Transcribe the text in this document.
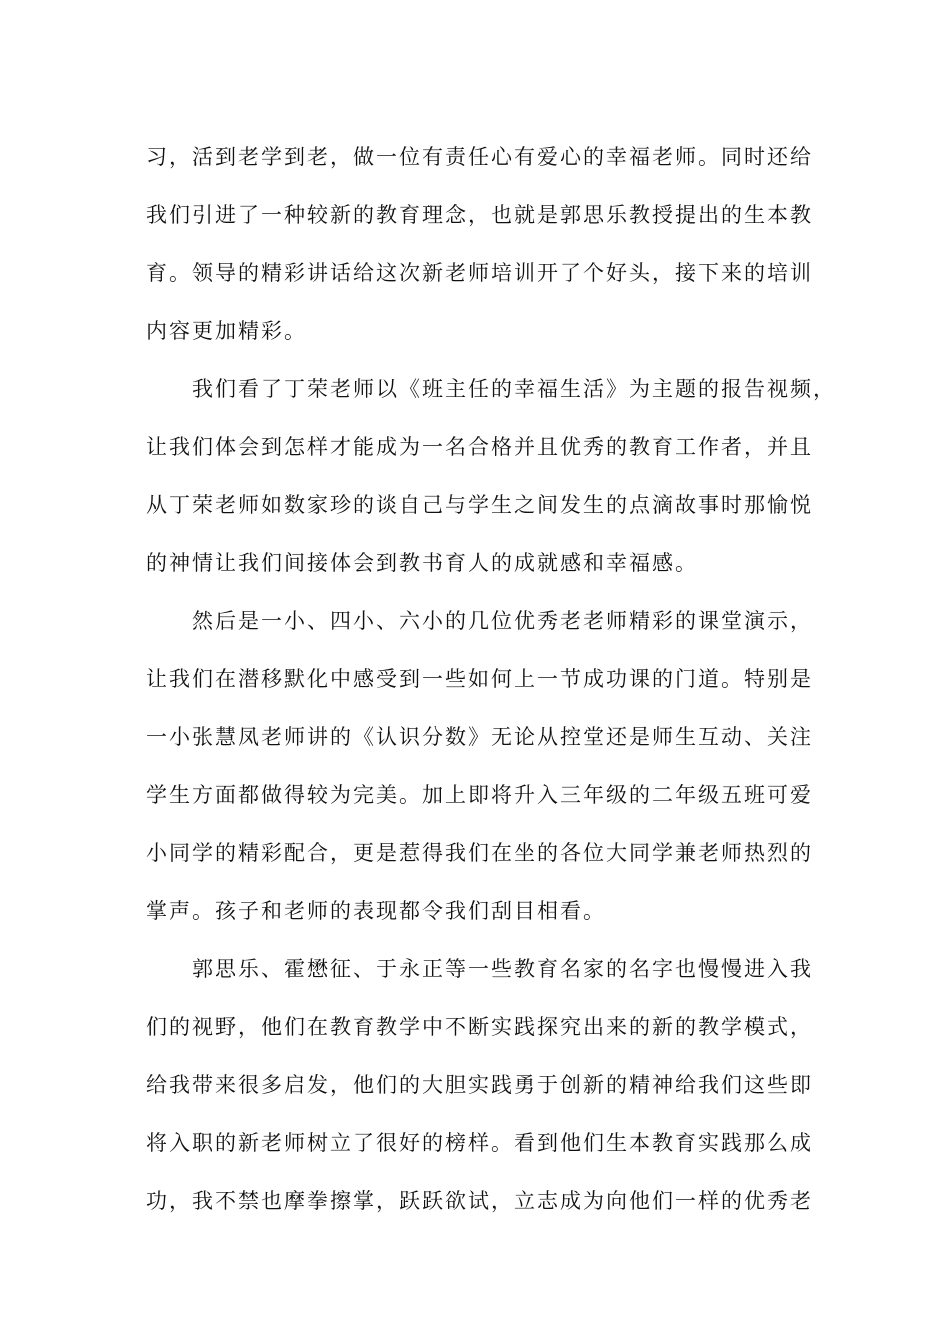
习，活到老学到老，做一位有责任心有爱心的幸福老师。同时还给
我们引进了一种较新的教育理念，也就是郭思乐教授提出的生本教
育。领导的精彩讲话给这次新老师培训开了个好头，接下来的培训
内容更加精彩。
我们看了丁荣老师以《班主任的幸福生活》为主题的报告视频，
让我们体会到怎样才能成为一名合格并且优秀的教育工作者，并且
从丁荣老师如数家珍的谈自己与学生之间发生的点滴故事时那愉悦
的神情让我们间接体会到教书育人的成就感和幸福感。
然后是一小、四小、六小的几位优秀老老师精彩的课堂演示，
让我们在潜移默化中感受到一些如何上一节成功课的门道。特别是
一小张慧凤老师讲的《认识分数》无论从控堂还是师生互动、关注
学生方面都做得较为完美。加上即将升入三年级的二年级五班可爱
小同学的精彩配合，更是惹得我们在坐的各位大同学兼老师热烈的
掌声。孩子和老师的表现都令我们刮目相看。
郭思乐、霍懋征、于永正等一些教育名家的名字也慢慢进入我
们的视野，他们在教育教学中不断实践探究出来的新的教学模式，
给我带来很多启发，他们的大胆实践勇于创新的精神给我们这些即
将入职的新老师树立了很好的榜样。看到他们生本教育实践那么成
功，我不禁也摩拳擦掌，跃跃欲试，立志成为向他们一样的优秀老
